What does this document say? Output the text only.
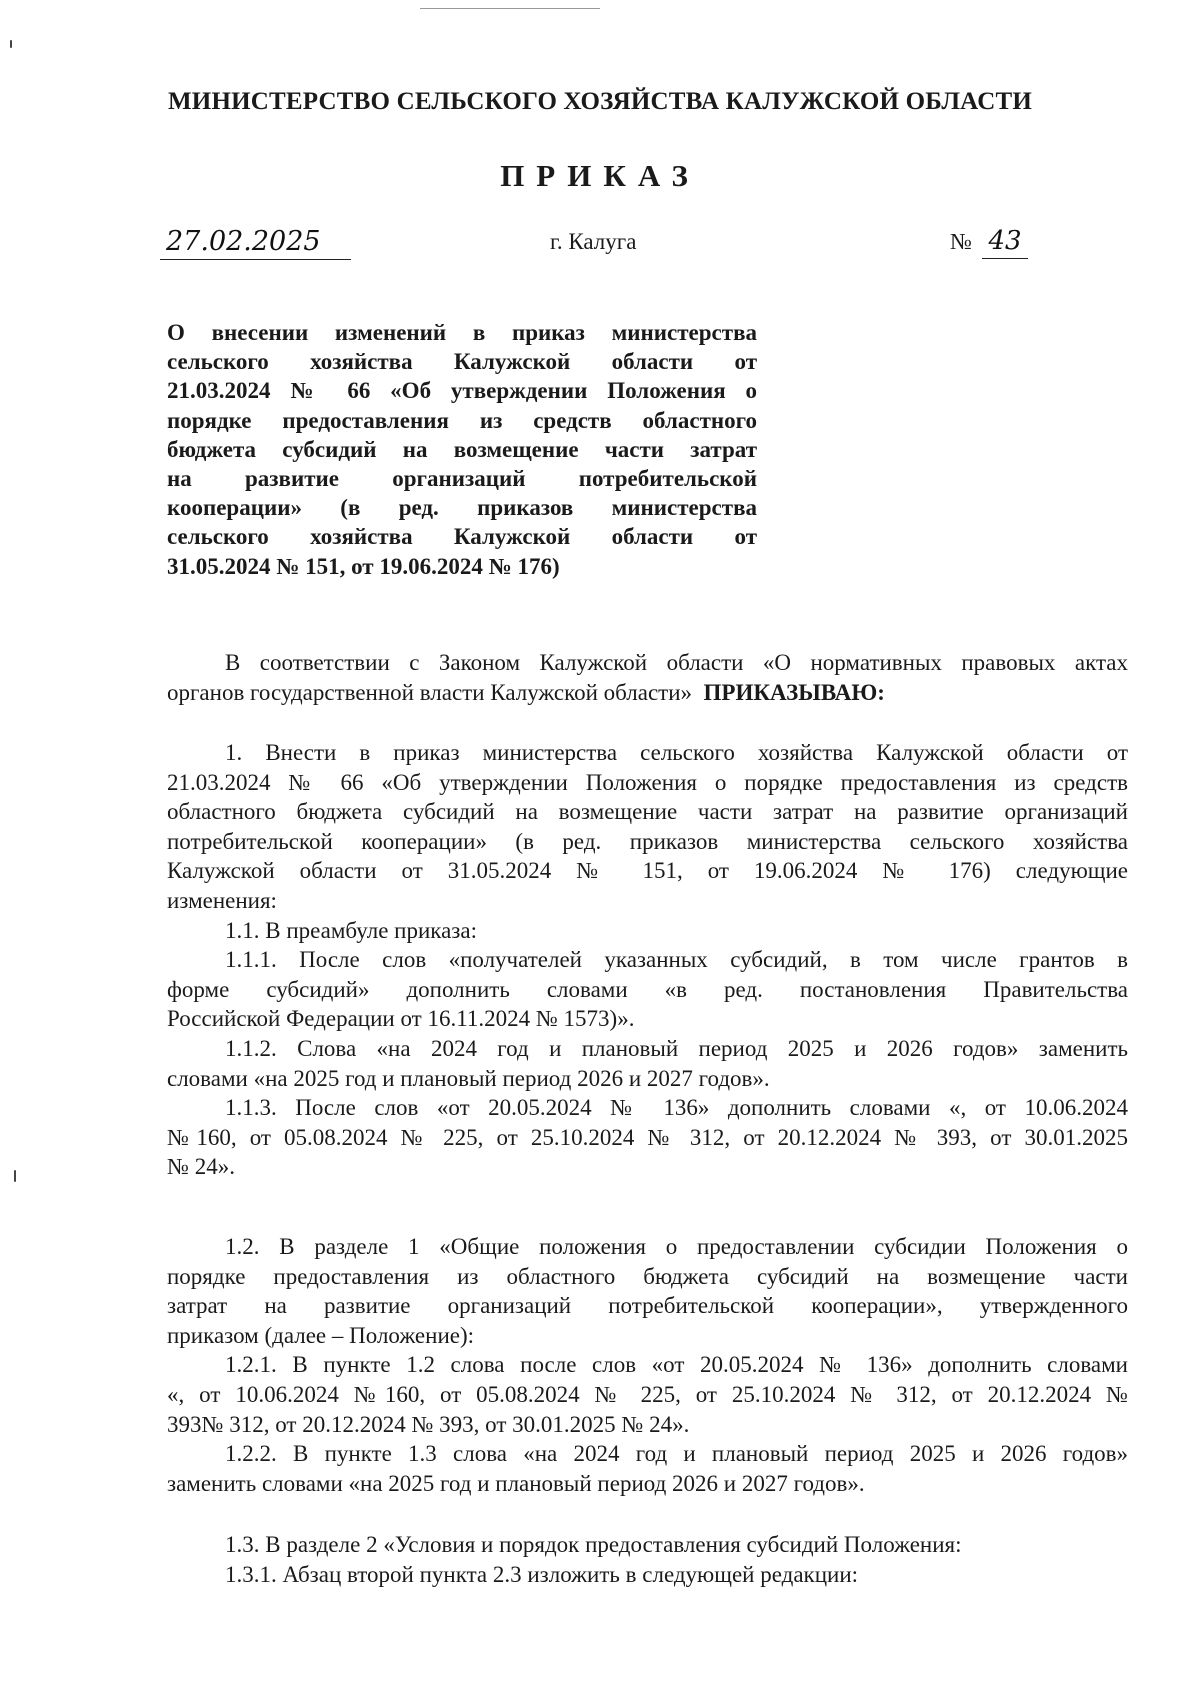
МИНИСТЕРСТВО СЕЛЬСКОГО ХОЗЯЙСТВА КАЛУЖСКОЙ ОБЛАСТИ
ПРИКАЗ
27.02.2025	г. Калуга	№ 43
О внесении изменений в приказ министерства
сельского хозяйства Калужской области от
21.03.2024 № 66 «Об утверждении Положения о
порядке предоставления из средств областного
бюджета субсидий на возмещение части затрат
на развитие организаций потребительской
кооперации» (в ред. приказов министерства
сельского хозяйства Калужской области от
31.05.2024 № 151, от 19.06.2024 № 176)
В соответствии с Законом Калужской области «О нормативных правовых актах
органов государственной власти Калужской области» ПРИКАЗЫВАЮ:
1. Внести в приказ министерства сельского хозяйства Калужской области от
21.03.2024 № 66 «Об утверждении Положения о порядке предоставления из средств
областного бюджета субсидий на возмещение части затрат на развитие организаций
потребительской кооперации» (в ред. приказов министерства сельского хозяйства
Калужской области от 31.05.2024 № 151, от 19.06.2024 № 176) следующие
изменения:
1.1. В преамбуле приказа:
1.1.1. После слов «получателей указанных субсидий, в том числе грантов в
форме субсидий» дополнить словами «в ред. постановления Правительства
Российской Федерации от 16.11.2024 № 1573)».
1.1.2. Слова «на 2024 год и плановый период 2025 и 2026 годов» заменить
словами «на 2025 год и плановый период 2026 и 2027 годов».
1.1.3. После слов «от 20.05.2024 № 136» дополнить словами «, от 10.06.2024
№160, от 05.08.2024 № 225, от 25.10.2024 № 312, от 20.12.2024 № 393, от 30.01.2025
№ 24».
1.2. В разделе 1 «Общие положения о предоставлении субсидии Положения о
порядке предоставления из областного бюджета субсидий на возмещение части
затрат на развитие организаций потребительской кооперации», утвержденного
приказом (далее – Положение):
1.2.1. В пункте 1.2 слова после слов «от 20.05.2024 № 136» дополнить словами
«, от 10.06.2024 №160, от 05.08.2024 № 225, от 25.10.2024 № 312, от 20.12.2024 №
393№ 312, от 20.12.2024 № 393, от 30.01.2025 № 24».
1.2.2. В пункте 1.3 слова «на 2024 год и плановый период 2025 и 2026 годов»
заменить словами «на 2025 год и плановый период 2026 и 2027 годов».
1.3. В разделе 2 «Условия и порядок предоставления субсидий Положения:
1.3.1. Абзац второй пункта 2.3 изложить в следующей редакции:
